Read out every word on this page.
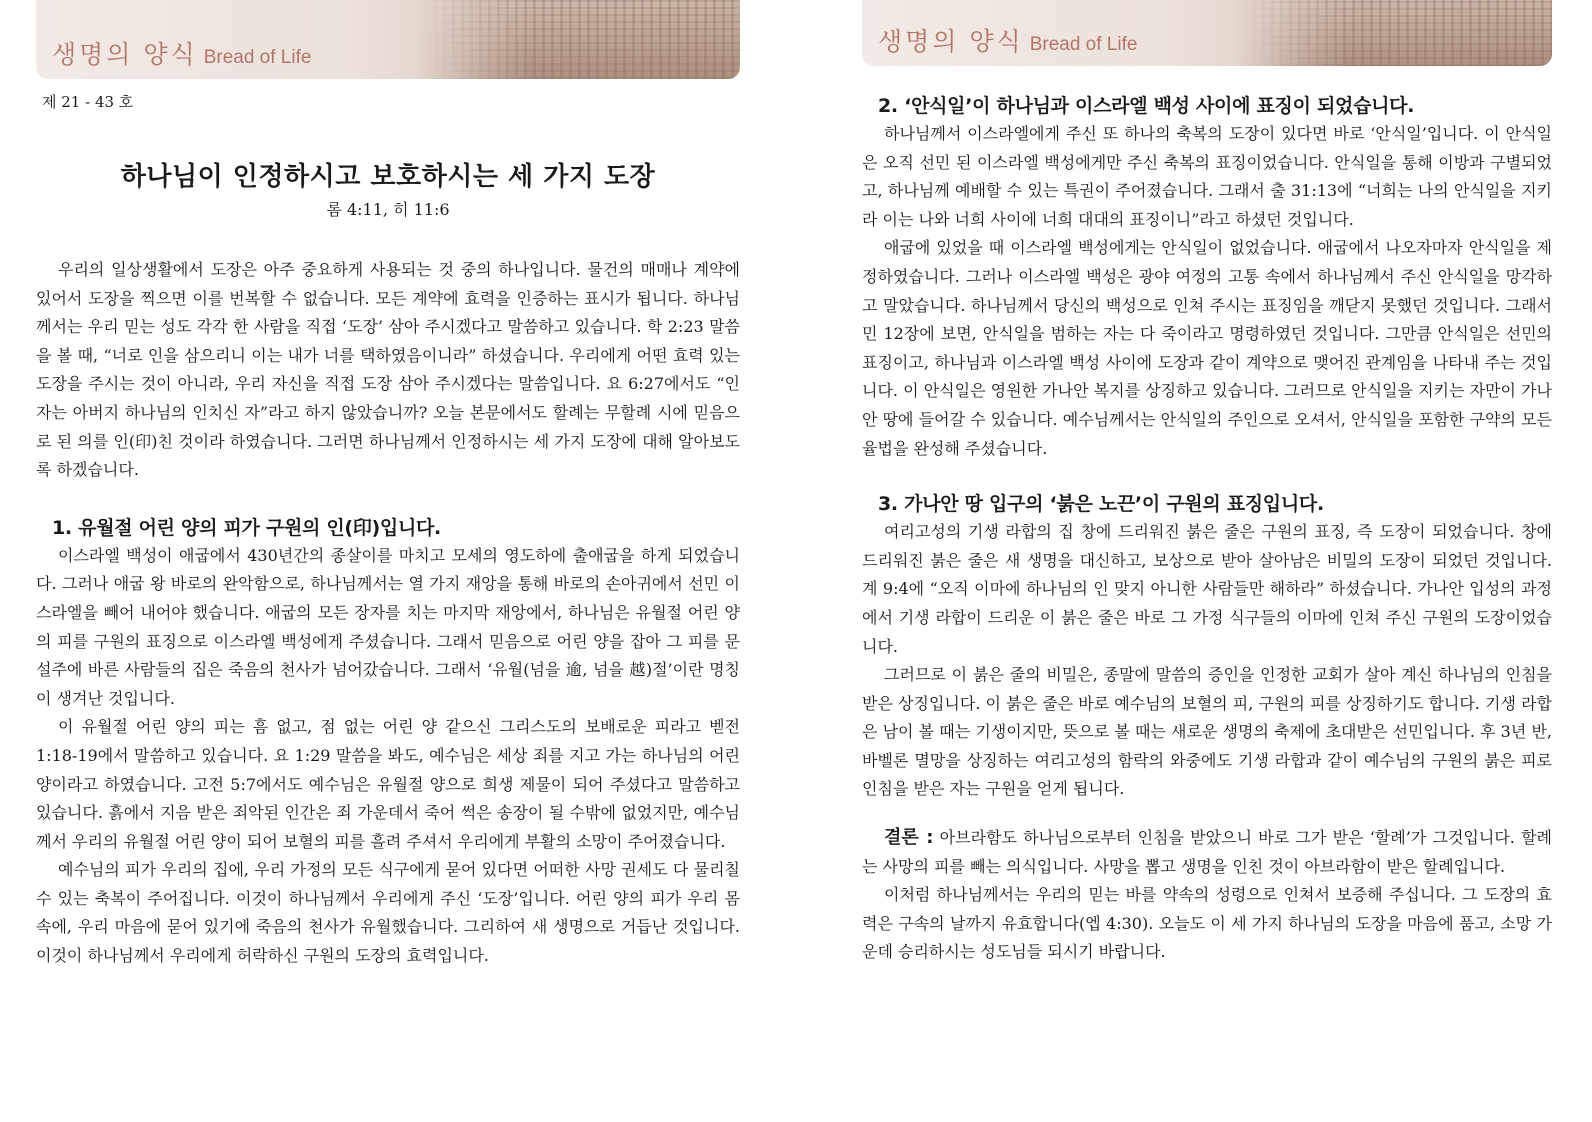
생명의 양식 Bread of Life
제 21 - 43 호
하나님이 인정하시고 보호하시는 세 가지 도장
롬 4:11, 히 11:6

우리의 일상생활에서 도장은 아주 중요하게 사용되는 것 중의 하나입니다. 물건의 매매나 계약에 있어서 도장을 찍으면 이를 번복할 수 없습니다. 모든 계약에 효력을 인증하는 표시가 됩니다. 하나님께서는 우리 믿는 성도 각각 한 사람을 직접 ‘도장’ 삼아 주시겠다고 말씀하고 있습니다. 학 2:23 말씀을 볼 때, “너로 인을 삼으리니 이는 내가 너를 택하였음이니라” 하셨습니다. 우리에게 어떤 효력 있는 도장을 주시는 것이 아니라, 우리 자신을 직접 도장 삼아 주시겠다는 말씀입니다. 요 6:27에서도 “인자는 아버지 하나님의 인치신 자”라고 하지 않았습니까? 오늘 본문에서도 할례는 무할례 시에 믿음으로 된 의를 인(印)친 것이라 하였습니다. 그러면 하나님께서 인정하시는 세 가지 도장에 대해 알아보도록 하겠습니다.

1. 유월절 어린 양의 피가 구원의 인(印)입니다.

이스라엘 백성이 애굽에서 430년간의 종살이를 마치고 모세의 영도하에 출애굽을 하게 되었습니다. 그러나 애굽 왕 바로의 완악함으로, 하나님께서는 열 가지 재앙을 통해 바로의 손아귀에서 선민 이스라엘을 빼어 내어야 했습니다. 애굽의 모든 장자를 치는 마지막 재앙에서, 하나님은 유월절 어린 양의 피를 구원의 표징으로 이스라엘 백성에게 주셨습니다. 그래서 믿음으로 어린 양을 잡아 그 피를 문설주에 바른 사람들의 집은 죽음의 천사가 넘어갔습니다. 그래서 ‘유월(넘을 逾, 넘을 越)절’이란 명칭이 생겨난 것입니다.

이 유월절 어린 양의 피는 흠 없고, 점 없는 어린 양 같으신 그리스도의 보배로운 피라고 벧전 1:18-19에서 말씀하고 있습니다. 요 1:29 말씀을 봐도, 예수님은 세상 죄를 지고 가는 하나님의 어린 양이라고 하였습니다. 고전 5:7에서도 예수님은 유월절 양으로 희생 제물이 되어 주셨다고 말씀하고 있습니다. 흙에서 지음 받은 죄악된 인간은 죄 가운데서 죽어 썩은 송장이 될 수밖에 없었지만, 예수님께서 우리의 유월절 어린 양이 되어 보혈의 피를 흘려 주셔서 우리에게 부활의 소망이 주어졌습니다.

예수님의 피가 우리의 집에, 우리 가정의 모든 식구에게 묻어 있다면 어떠한 사망 권세도 다 물리칠 수 있는 축복이 주어집니다. 이것이 하나님께서 우리에게 주신 ‘도장’입니다. 어린 양의 피가 우리 몸속에, 우리 마음에 묻어 있기에 죽음의 천사가 유월했습니다. 그리하여 새 생명으로 거듭난 것입니다. 이것이 하나님께서 우리에게 허락하신 구원의 도장의 효력입니다.

생명의 양식 Bread of Life
2. ‘안식일’이 하나님과 이스라엘 백성 사이에 표징이 되었습니다.

하나님께서 이스라엘에게 주신 또 하나의 축복의 도장이 있다면 바로 ‘안식일’입니다. 이 안식일은 오직 선민 된 이스라엘 백성에게만 주신 축복의 표징이었습니다. 안식일을 통해 이방과 구별되었고, 하나님께 예배할 수 있는 특권이 주어졌습니다. 그래서 출 31:13에 “너희는 나의 안식일을 지키라 이는 나와 너희 사이에 너희 대대의 표징이니”라고 하셨던 것입니다.

애굽에 있었을 때 이스라엘 백성에게는 안식일이 없었습니다. 애굽에서 나오자마자 안식일을 제정하였습니다. 그러나 이스라엘 백성은 광야 여정의 고통 속에서 하나님께서 주신 안식일을 망각하고 말았습니다. 하나님께서 당신의 백성으로 인쳐 주시는 표징임을 깨닫지 못했던 것입니다. 그래서 민 12장에 보면, 안식일을 범하는 자는 다 죽이라고 명령하였던 것입니다. 그만큼 안식일은 선민의 표징이고, 하나님과 이스라엘 백성 사이에 도장과 같이 계약으로 맺어진 관계임을 나타내 주는 것입니다. 이 안식일은 영원한 가나안 복지를 상징하고 있습니다. 그러므로 안식일을 지키는 자만이 가나안 땅에 들어갈 수 있습니다. 예수님께서는 안식일의 주인으로 오셔서, 안식일을 포함한 구약의 모든 율법을 완성해 주셨습니다.

3. 가나안 땅 입구의 ‘붉은 노끈’이 구원의 표징입니다.

여리고성의 기생 라합의 집 창에 드리워진 붉은 줄은 구원의 표징, 즉 도장이 되었습니다. 창에 드리워진 붉은 줄은 새 생명을 대신하고, 보상으로 받아 살아남은 비밀의 도장이 되었던 것입니다. 계 9:4에 “오직 이마에 하나님의 인 맞지 아니한 사람들만 해하라” 하셨습니다. 가나안 입성의 과정에서 기생 라합이 드리운 이 붉은 줄은 바로 그 가정 식구들의 이마에 인쳐 주신 구원의 도장이었습니다.

그러므로 이 붉은 줄의 비밀은, 종말에 말씀의 증인을 인정한 교회가 살아 계신 하나님의 인침을 받은 상징입니다. 이 붉은 줄은 바로 예수님의 보혈의 피, 구원의 피를 상징하기도 합니다. 기생 라합은 남이 볼 때는 기생이지만, 뜻으로 볼 때는 새로운 생명의 축제에 초대받은 선민입니다. 후 3년 반, 바벨론 멸망을 상징하는 여리고성의 함락의 와중에도 기생 라합과 같이 예수님의 구원의 붉은 피로 인침을 받은 자는 구원을 얻게 됩니다.

결론 : 아브라함도 하나님으로부터 인침을 받았으니 바로 그가 받은 ‘할례’가 그것입니다. 할례는 사망의 피를 빼는 의식입니다. 사망을 뽑고 생명을 인친 것이 아브라함이 받은 할례입니다.

이처럼 하나님께서는 우리의 믿는 바를 약속의 성령으로 인쳐서 보증해 주십니다. 그 도장의 효력은 구속의 날까지 유효합니다(엡 4:30). 오늘도 이 세 가지 하나님의 도장을 마음에 품고, 소망 가운데 승리하시는 성도님들 되시기 바랍니다.
